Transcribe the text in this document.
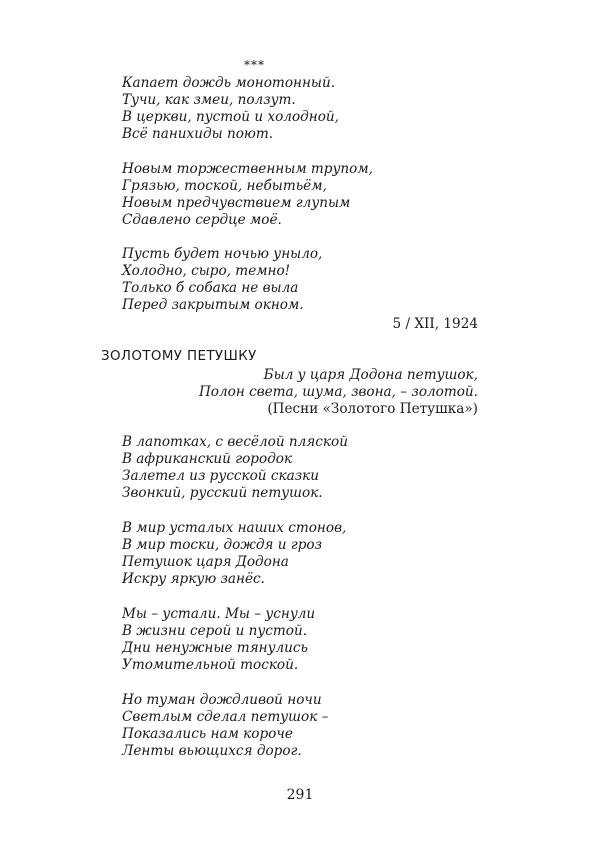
***
Капает дождь монотонный.
Тучи, как змеи, ползут.
В церкви, пустой и холодной,
Всё панихиды поют.
Новым торжественным трупом,
Грязью, тоской, небытьём,
Новым предчувствием глупым
Сдавлено сердце моё.
Пусть будет ночью уныло,
Холодно, сыро, темно!
Только б собака не выла
Перед закрытым окном.
5 / XII, 1924
ЗОЛОТОМУ ПЕТУШКУ
Был у царя Додона петушок,
Полон света, шума, звона, – золотой.
(Песни «Золотого Петушка»)
В лапотках, с весёлой пляской
В африканский городок
Залетел из русской сказки
Звонкий, русский петушок.
В мир усталых наших стонов,
В мир тоски, дождя и гроз
Петушок царя Додона
Искру яркую занёс.
Мы – устали. Мы – уснули
В жизни серой и пустой.
Дни ненужные тянулись
Утомительной тоской.
Но туман дождливой ночи
Светлым сделал петушок –
Показались нам короче
Ленты вьющихся дорог.
291
